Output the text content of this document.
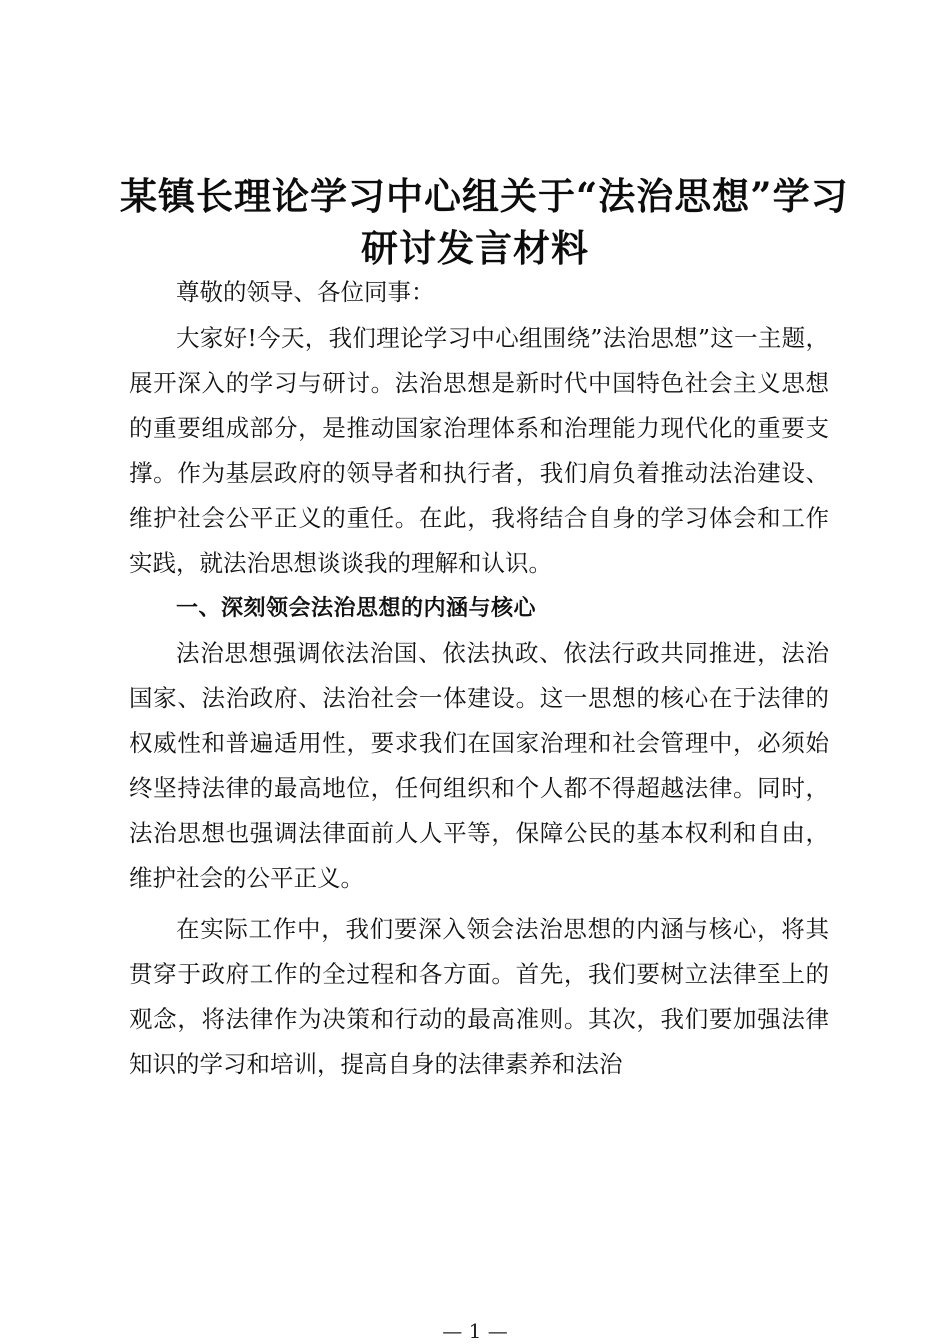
某镇长理论学习中心组关于“法治思想”学习
研讨发言材料

尊敬的领导、各位同事：

大家好!今天，我们理论学习中心组围绕”法治思想”这一主题，展开深入的学习与研讨。法治思想是新时代中国特色社会主义思想的重要组成部分，是推动国家治理体系和治理能力现代化的重要支撑。作为基层政府的领导者和执行者，我们肩负着推动法治建设、维护社会公平正义的重任。在此，我将结合自身的学习体会和工作实践，就法治思想谈谈我的理解和认识。

一、深刻领会法治思想的内涵与核心

法治思想强调依法治国、依法执政、依法行政共同推进，法治国家、法治政府、法治社会一体建设。这一思想的核心在于法律的权威性和普遍适用性，要求我们在国家治理和社会管理中，必须始终坚持法律的最高地位，任何组织和个人都不得超越法律。同时，法治思想也强调法律面前人人平等，保障公民的基本权利和自由，维护社会的公平正义。

在实际工作中，我们要深入领会法治思想的内涵与核心，将其贯穿于政府工作的全过程和各方面。首先，我们要树立法律至上的观念，将法律作为决策和行动的最高准则。其次，我们要加强法律知识的学习和培训，提高自身的法律素养和法治

— 1 —
